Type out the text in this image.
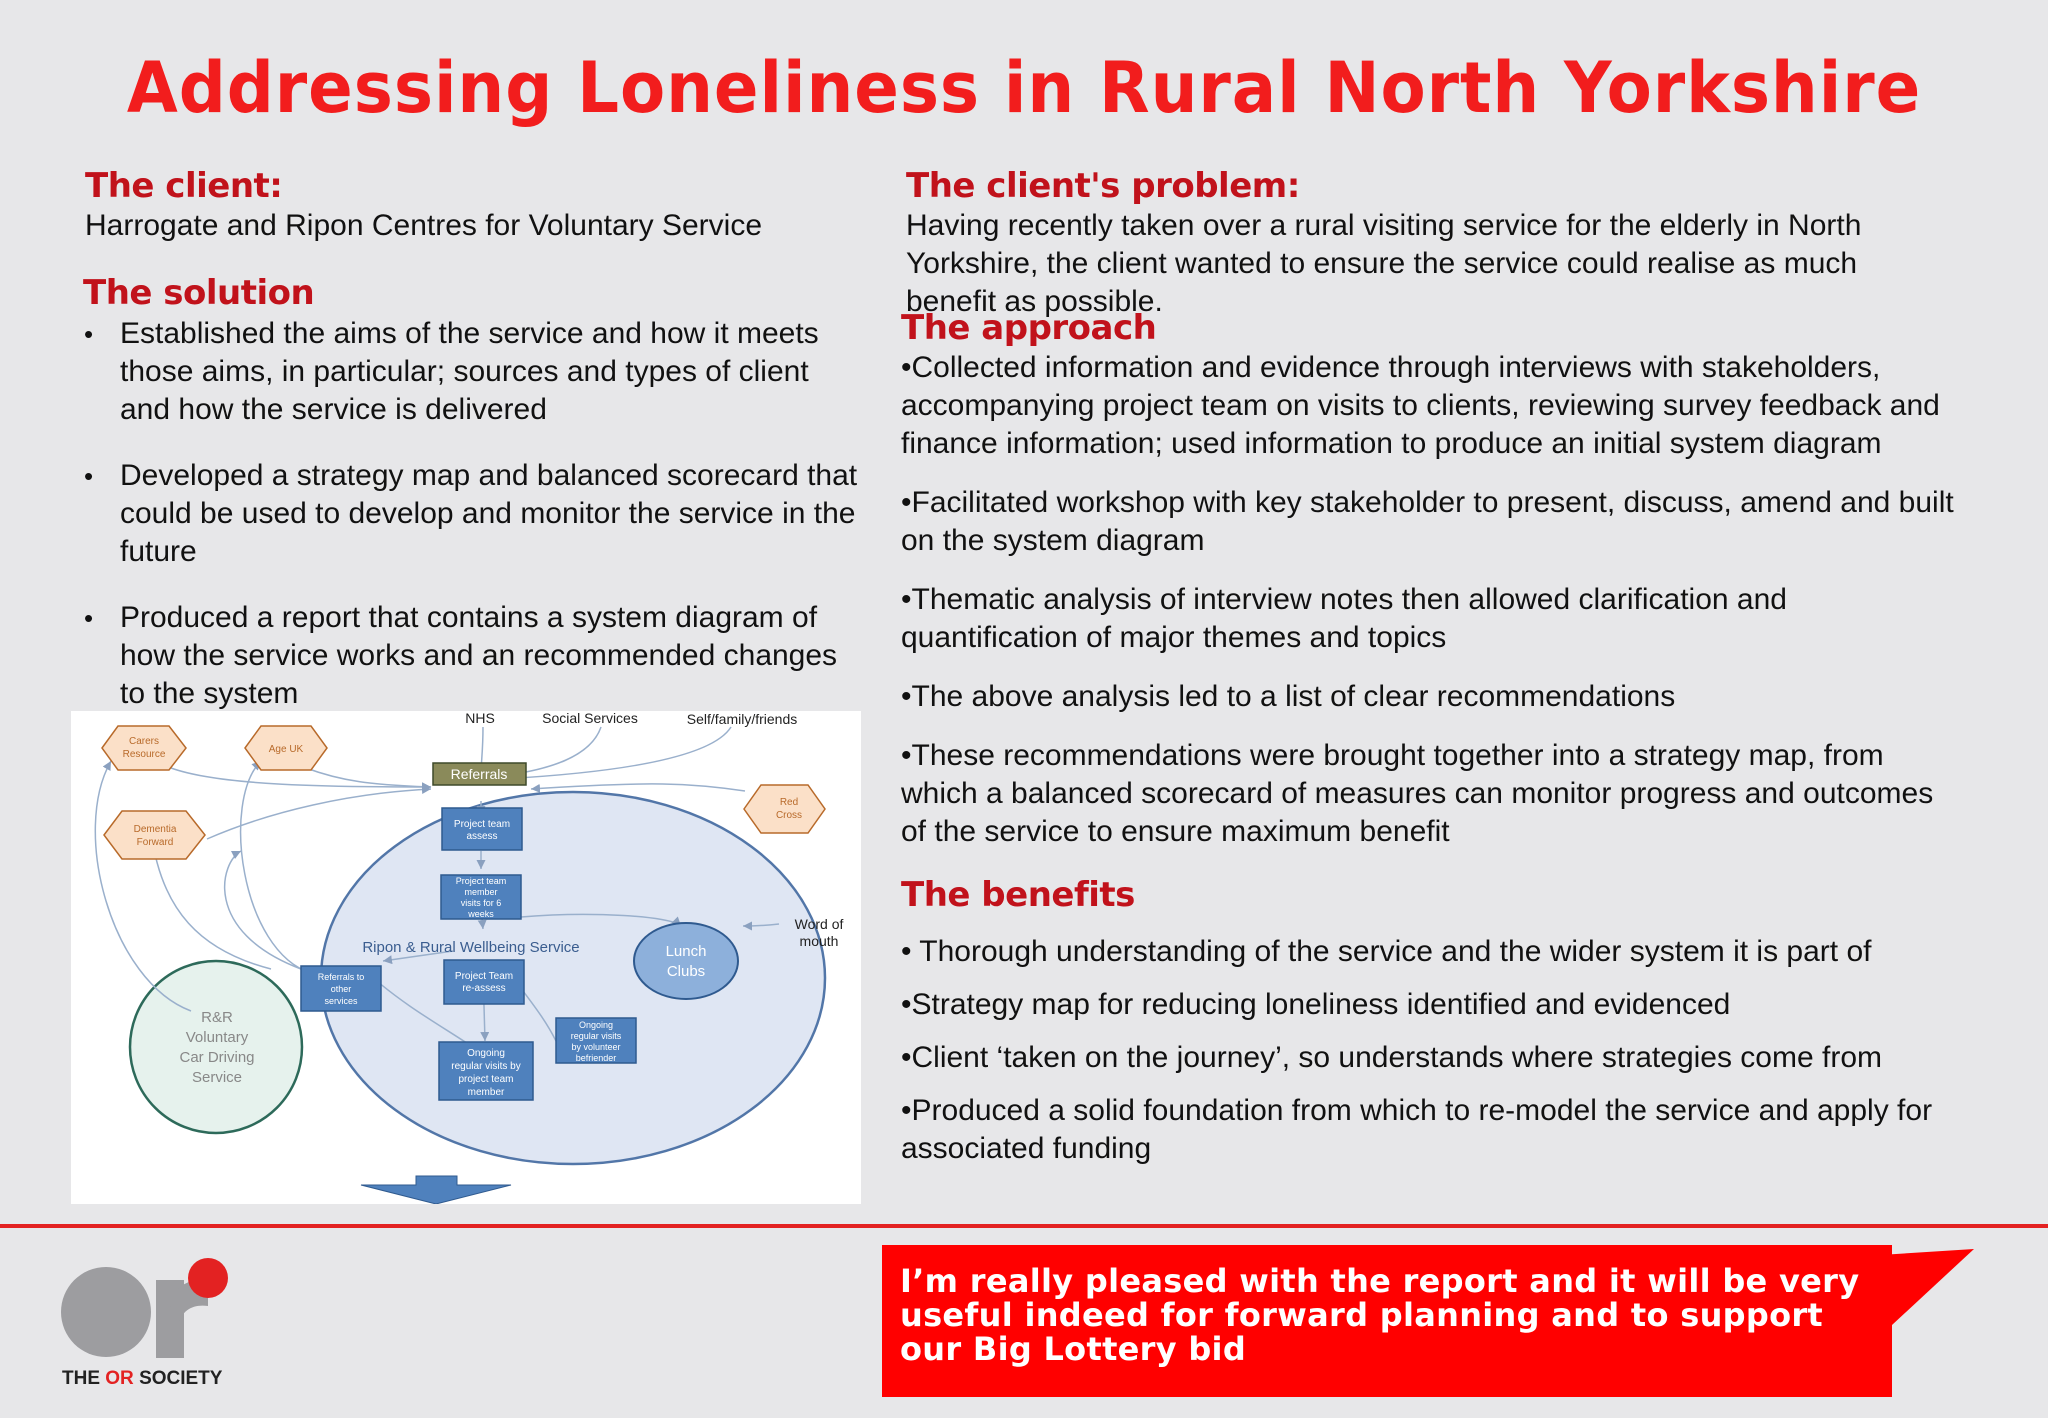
Addressing Loneliness in Rural North Yorkshire
The client:
Harrogate and Ripon Centres for Voluntary Service
The client's problem:
Having recently taken over a rural visiting service for the elderly in North Yorkshire, the client wanted to ensure the service could realise as much benefit as possible.
The solution
• Established the aims of the service and how it meets those aims, in particular; sources and types of client and how the service is delivered
• Developed a strategy map and balanced scorecard that could be used to develop and monitor the service in the future
• Produced a report that contains a system diagram of how the service works and an recommended changes to the system
The approach

•Collected information and evidence through interviews with stakeholders, accompanying project team on visits to clients, reviewing survey feedback and finance information; used information to produce an initial system diagram

•Facilitated workshop with key stakeholder to present, discuss, amend and built on the system diagram

•Thematic analysis of interview notes then allowed clarification and quantification of major themes and topics

•The above analysis led to a list of clear recommendations

•These recommendations were brought together into a strategy map, from which a balanced scorecard of measures can monitor progress and outcomes of the service to ensure maximum benefit

The benefits

• Thorough understanding of the service and the wider system it is part of

•Strategy map for reducing loneliness identified and evidenced

•Client ‘taken on the journey’, so understands where strategies come from

•Produced a solid foundation from which to re-model the service and apply for associated funding

NHS	Social Services	Self/family/friends
Carers
Resource	Age UK
Dementia
Forward
Red
Cross
Referrals
Project team
assess
Project team
member
visits for 6
weeks
Ripon & Rural Wellbeing Service	Lunch
Clubs
Word of
mouth
Referrals to
other
services
Project Team
re-assess
Ongoing
regular visits
by volunteer
befriender
Ongoing
regular visits by
project team
member
R&R
Voluntary
Car Driving
Service
THE OR SOCIETY
I’m really pleased with the report and it will be very useful indeed for forward planning and to support our Big Lottery bid
